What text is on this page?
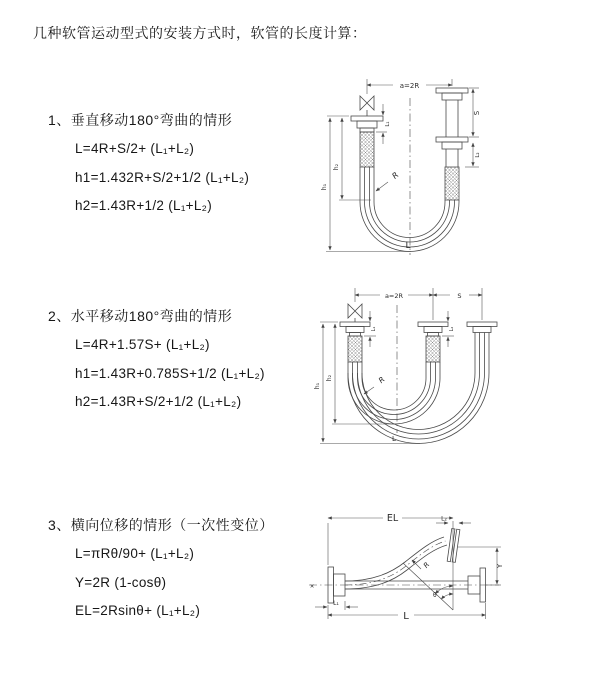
几种软管运动型式的安装方式时，软管的长度计算：
1、垂直移动180°弯曲的情形
L=4R+S/2+ (L₁+L₂)
h1=1.432R+S/2+1/2 (L₁+L₂)
h2=1.43R+1/2 (L₁+L₂)
2、水平移动180°弯曲的情形
L=4R+1.57S+ (L₁+L₂)
h1=1.43R+0.785S+1/2 (L₁+L₂)
h2=1.43R+S/2+1/2 (L₁+L₂)
3、横向位移的情形（一次性变位）
L=πRθ/90+ (L₁+L₂)
Y=2R (1-cosθ)
EL=2Rsinθ+ (L₁+L₂)
a=2R
h₁
h₂
L₁
S
L₂
R
L
a=2R	S
h₁
h₂
L₁	L₂
R
L
EL	L₂
Y
R
θ
L
L₁
✕
